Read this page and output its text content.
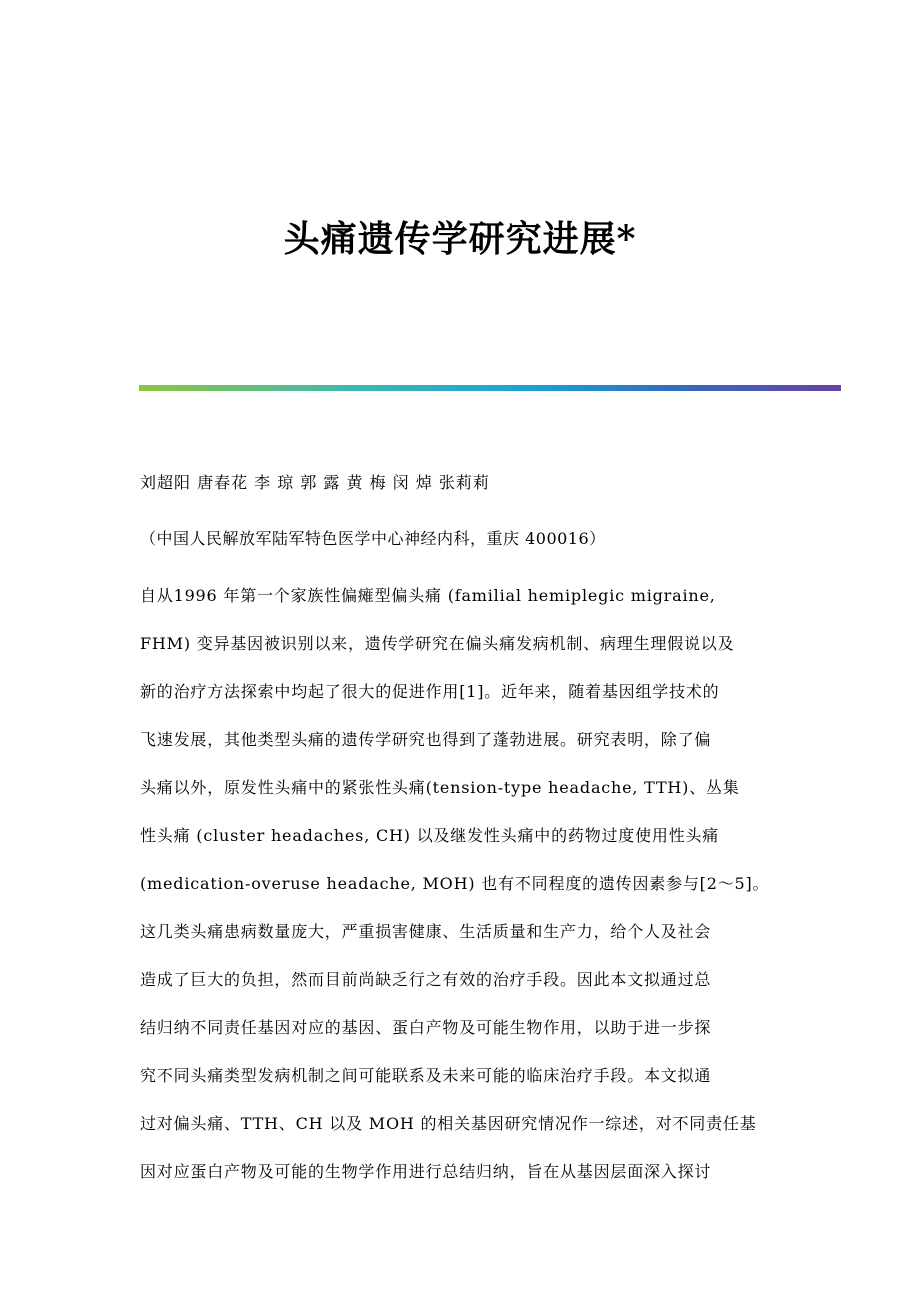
头痛遗传学研究进展*
刘超阳 唐春花 李 琼 郭 露 黄 梅 闵 焯 张莉莉
（中国人民解放军陆军特色医学中心神经内科，重庆 400016）
自从1996 年第一个家族性偏瘫型偏头痛 (familial hemiplegic migraine,
FHM) 变异基因被识别以来，遗传学研究在偏头痛发病机制、病理生理假说以及
新的治疗方法探索中均起了很大的促进作用[1]。近年来，随着基因组学技术的
飞速发展，其他类型头痛的遗传学研究也得到了蓬勃进展。研究表明，除了偏
头痛以外，原发性头痛中的紧张性头痛(tension-type headache, TTH)、丛集
性头痛 (cluster headaches, CH) 以及继发性头痛中的药物过度使用性头痛
(medication-overuse headache, MOH) 也有不同程度的遗传因素参与[2～5]。
这几类头痛患病数量庞大，严重损害健康、生活质量和生产力，给个人及社会
造成了巨大的负担，然而目前尚缺乏行之有效的治疗手段。因此本文拟通过总
结归纳不同责任基因对应的基因、蛋白产物及可能生物作用，以助于进一步探
究不同头痛类型发病机制之间可能联系及未来可能的临床治疗手段。本文拟通
过对偏头痛、TTH、CH 以及 MOH 的相关基因研究情况作一综述，对不同责任基
因对应蛋白产物及可能的生物学作用进行总结归纳，旨在从基因层面深入探讨
